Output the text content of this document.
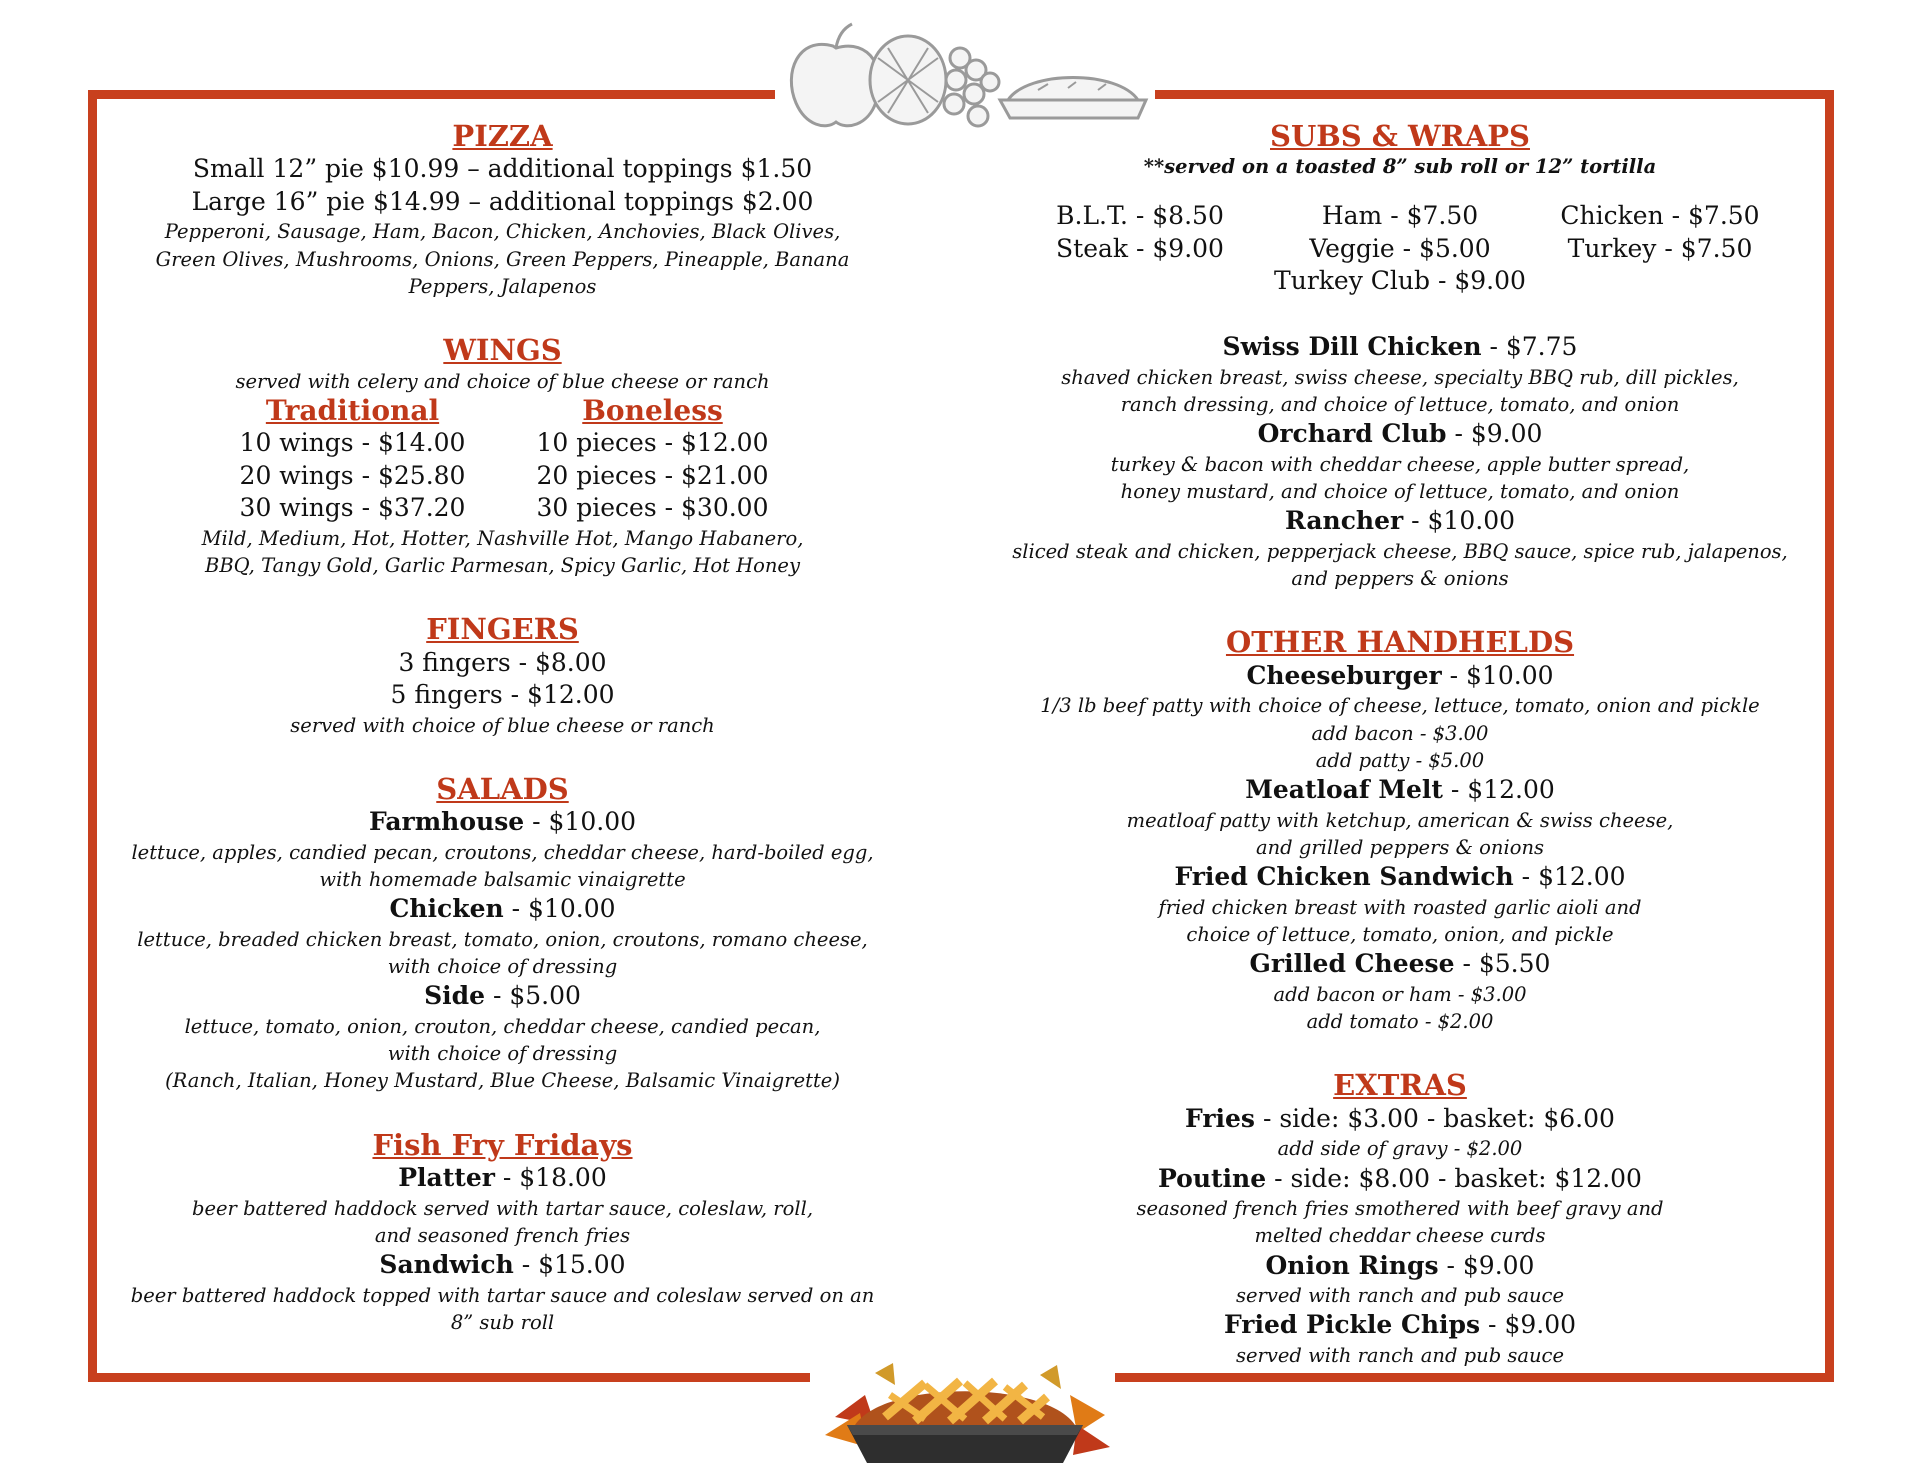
PIZZA

Small 12” pie $10.99 – additional toppings $1.50

Large 16” pie $14.99 – additional toppings $2.00

Pepperoni, Sausage, Ham, Bacon, Chicken, Anchovies, Black Olives,

Green Olives, Mushrooms, Onions, Green Peppers, Pineapple, Banana

Peppers, Jalapenos

WINGS

served with celery and choice of blue cheese or ranch

Traditional

10 wings - $14.00

20 wings - $25.80

30 wings - $37.20

Boneless

10 pieces - $12.00

20 pieces - $21.00

30 pieces - $30.00

Mild, Medium, Hot, Hotter, Nashville Hot, Mango Habanero,

BBQ, Tangy Gold, Garlic Parmesan, Spicy Garlic, Hot Honey

FINGERS

3 fingers - $8.00

5 fingers - $12.00

served with choice of blue cheese or ranch

SALADS

Farmhouse - $10.00

lettuce, apples, candied pecan, croutons, cheddar cheese, hard-boiled egg,

with homemade balsamic vinaigrette

Chicken - $10.00

lettuce, breaded chicken breast, tomato, onion, croutons, romano cheese,

with choice of dressing

Side - $5.00

lettuce, tomato, onion, crouton, cheddar cheese, candied pecan,

with choice of dressing

(Ranch, Italian, Honey Mustard, Blue Cheese, Balsamic Vinaigrette)

Fish Fry Fridays

Platter - $18.00

beer battered haddock served with tartar sauce, coleslaw, roll,

and seasoned french fries

Sandwich - $15.00

beer battered haddock topped with tartar sauce and coleslaw served on an

8” sub roll

SUBS & WRAPS

**served on a toasted 8” sub roll or 12” tortilla

B.L.T. - $8.50	Ham - $7.50	Chicken - $7.50
Steak - $9.00	Veggie - $5.00	Turkey - $7.50

Turkey Club - $9.00

Swiss Dill Chicken - $7.75

shaved chicken breast, swiss cheese, specialty BBQ rub, dill pickles,

ranch dressing, and choice of lettuce, tomato, and onion

Orchard Club - $9.00

turkey & bacon with cheddar cheese, apple butter spread,

honey mustard, and choice of lettuce, tomato, and onion

Rancher - $10.00

sliced steak and chicken, pepperjack cheese, BBQ sauce, spice rub, jalapenos,

and peppers & onions

OTHER HANDHELDS

Cheeseburger - $10.00

1/3 lb beef patty with choice of cheese, lettuce, tomato, onion and pickle

add bacon - $3.00

add patty - $5.00

Meatloaf Melt - $12.00

meatloaf patty with ketchup, american & swiss cheese,

and grilled peppers & onions

Fried Chicken Sandwich - $12.00

fried chicken breast with roasted garlic aioli and

choice of lettuce, tomato, onion, and pickle

Grilled Cheese - $5.50

add bacon or ham - $3.00

add tomato - $2.00

EXTRAS

Fries - side: $3.00 - basket: $6.00

add side of gravy - $2.00

Poutine - side: $8.00 - basket: $12.00

seasoned french fries smothered with beef gravy and

melted cheddar cheese curds

Onion Rings - $9.00

served with ranch and pub sauce

Fried Pickle Chips - $9.00

served with ranch and pub sauce
